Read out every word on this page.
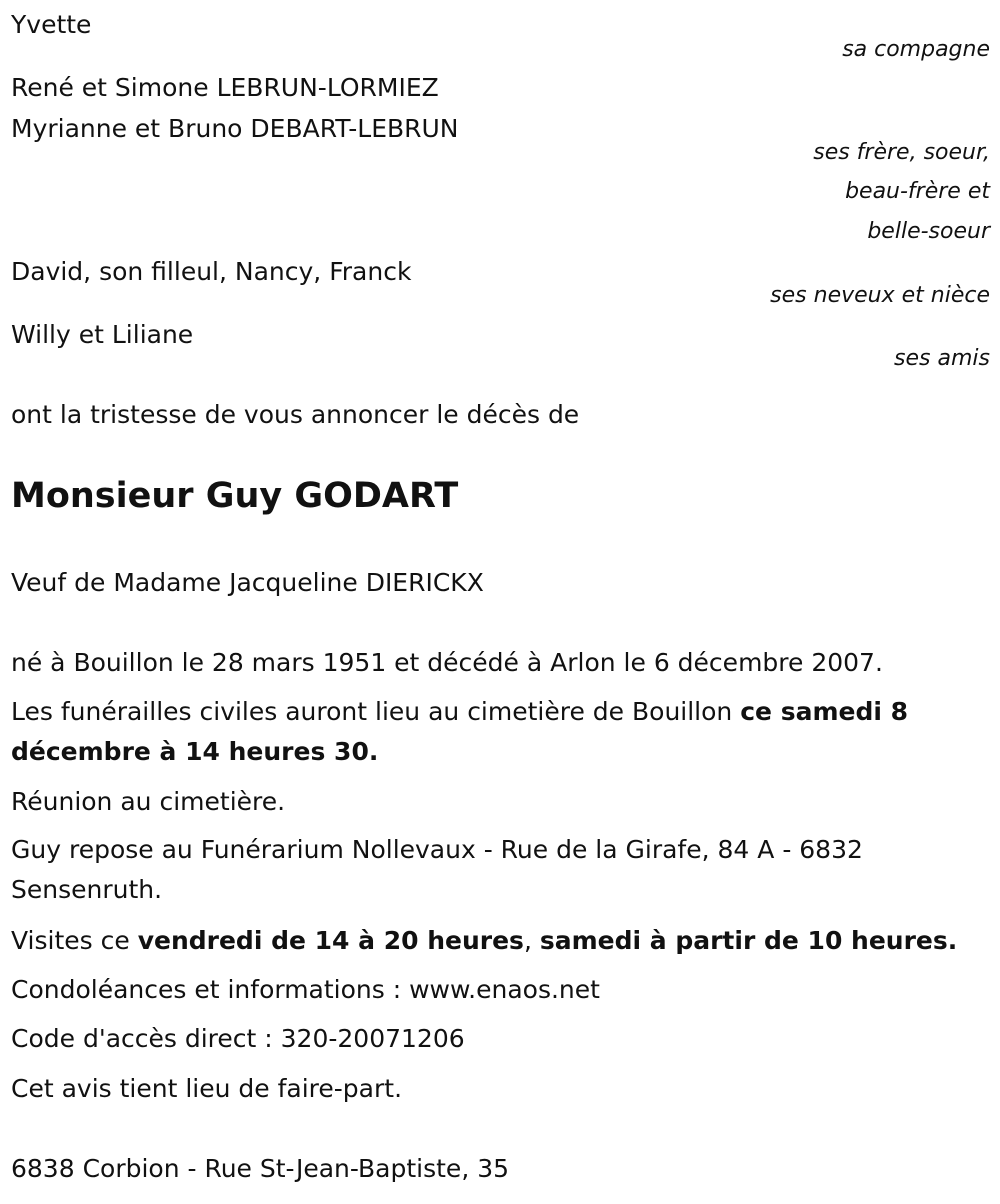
Yvette
sa compagne
René et Simone LEBRUN-LORMIEZ
Myrianne et Bruno DEBART-LEBRUN
ses frère, soeur,
beau-frère et
belle-soeur
David, son filleul, Nancy, Franck
ses neveux et nièce
Willy et Liliane
ses amis
ont la tristesse de vous annoncer le décès de
Monsieur Guy GODART
Veuf de Madame Jacqueline DIERICKX
né à Bouillon le 28 mars 1951 et décédé à Arlon le 6 décembre 2007.
Les funérailles civiles auront lieu au cimetière de Bouillon ce samedi 8 décembre à 14 heures 30.
Réunion au cimetière.
Guy repose au Funérarium Nollevaux - Rue de la Girafe, 84 A - 6832 Sensenruth.
Visites ce vendredi de 14 à 20 heures, samedi à partir de 10 heures.
Condoléances et informations : www.enaos.net
Code d'accès direct : 320-20071206
Cet avis tient lieu de faire-part.
6838 Corbion - Rue St-Jean-Baptiste, 35
